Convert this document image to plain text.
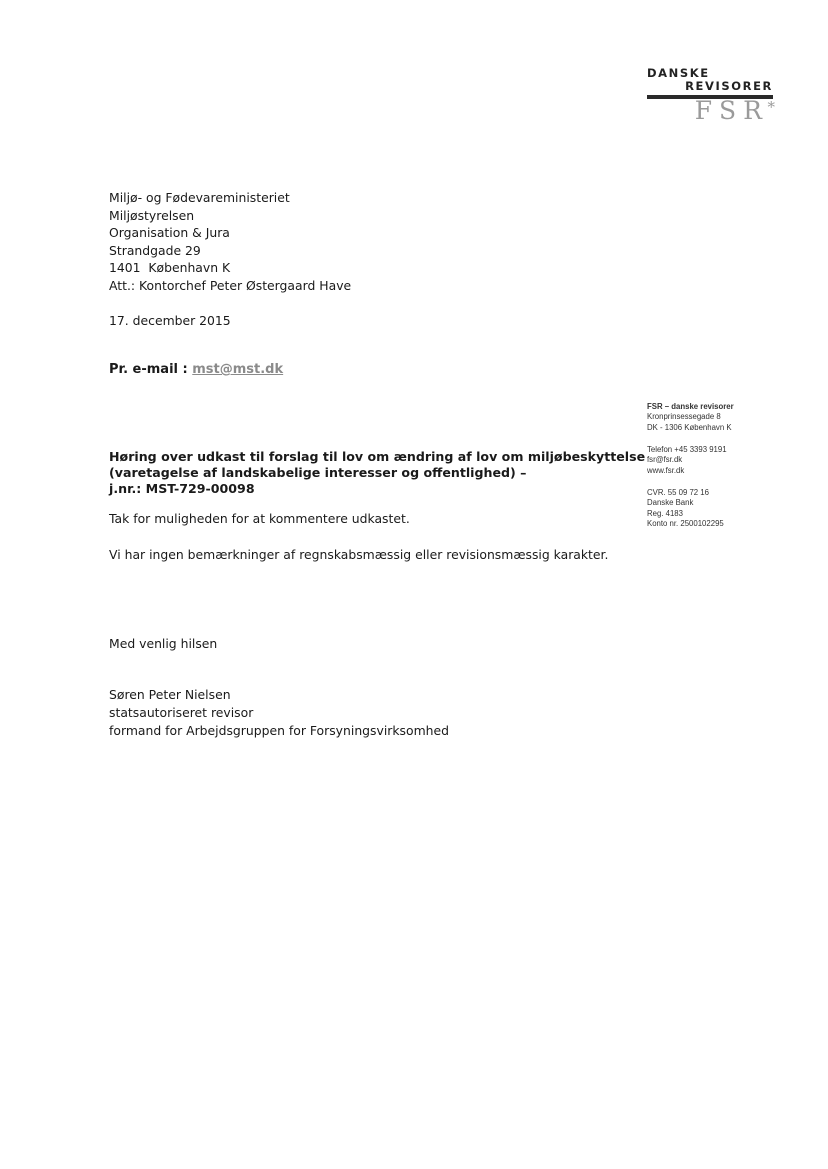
DANSKE
REVISORER
FSR
*
Miljø- og Fødevareministeriet
Miljøstyrelsen
Organisation & Jura
Strandgade 29
1401  København K
Att.: Kontorchef Peter Østergaard Have
17. december 2015
Pr. e-mail : mst@mst.dk
FSR – danske revisorer
Kronprinsessegade 8
DK - 1306 København K
Telefon +45 3393 9191
fsr@fsr.dk
www.fsr.dk
CVR. 55 09 72 16
Danske Bank
Reg. 4183
Konto nr. 2500102295
Høring over udkast til forslag til lov om ændring af lov om miljøbeskyttelse
(varetagelse af landskabelige interesser og offentlighed) –
j.nr.: MST-729-00098
Tak for muligheden for at kommentere udkastet.
Vi har ingen bemærkninger af regnskabsmæssig eller revisionsmæssig karakter.
Med venlig hilsen
Søren Peter Nielsen
statsautoriseret revisor
formand for Arbejdsgruppen for Forsyningsvirksomhed
